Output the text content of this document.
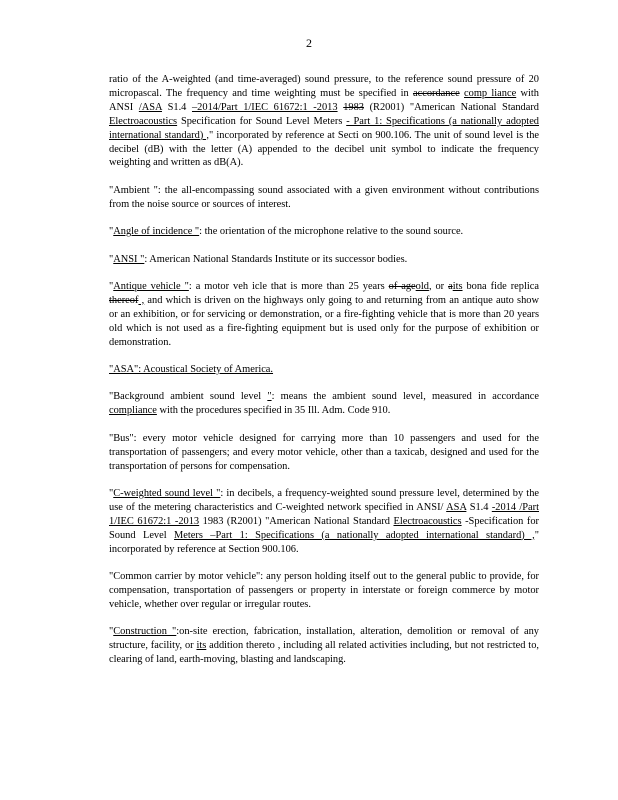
2

ratio of the A-weighted (and time-averaged) sound pressure, to the reference sound pressure of 20 micropascal. The frequency and time weighting must be specified in accordance comp liance with ANSI /ASA S1.4 –2014/Part 1/IEC 61672:1 -2013 1983 (R2001) "American National Standard Electroacoustics Specification for Sound Level Meters - Part 1: Specifications (a nationally adopted international standard) ," incorporated by reference at Secti on 900.106. The unit of sound level is the decibel (dB) with the letter (A) appended to the decibel unit symbol to indicate the frequency weighting and written as dB(A).

"Ambient ": the all-encompassing sound associated with a given environment without contributions from the noise source or sources of interest.

"Angle of incidence ": the orientation of the microphone relative to the sound source.

"ANSI ": American National Standards Institute or its successor bodies.

"Antique vehicle ": a motor veh icle that is more than 25 years of ageold, or aits bona fide replica thereof , and which is driven on the highways only going to and returning from an antique auto show or an exhibition, or for servicing or demonstration, or a fire-fighting vehicle that is more than 20 years old which is not used as a fire-fighting equipment but is used only for the purpose of exhibition or demonstration.

"ASA": Acoustical Society of America.

"Background ambient sound level ": means the ambient sound level, measured in accordance compliance with the procedures specified in 35 Ill. Adm. Code 910.

"Bus": every motor vehicle designed for carrying more than 10 passengers and used for the transportation of passengers; and every motor vehicle, other than a taxicab, designed and used for the transportation of persons for compensation.

"C-weighted sound level ": in decibels, a frequency-weighted sound pressure level, determined by the use of the metering characteristics and C-weighted network specified in ANSI/ ASA S1.4 -2014 /Part 1/IEC 61672:1 -2013 1983 (R2001) "American National Standard Electroacoustics -Specification for Sound Level Meters –Part 1: Specifications (a nationally adopted international standard) ," incorporated by reference at Section 900.106.

"Common carrier by motor vehicle": any person holding itself out to the general public to provide, for compensation, transportation of passengers or property in interstate or foreign commerce by motor vehicle, whether over regular or irregular routes.

"Construction ":on-site erection, fabrication, installation, alteration, demolition or removal of any structure, facility, or its addition thereto , including all related activities including, but not restricted to, clearing of land, earth-moving, blasting and landscaping.
